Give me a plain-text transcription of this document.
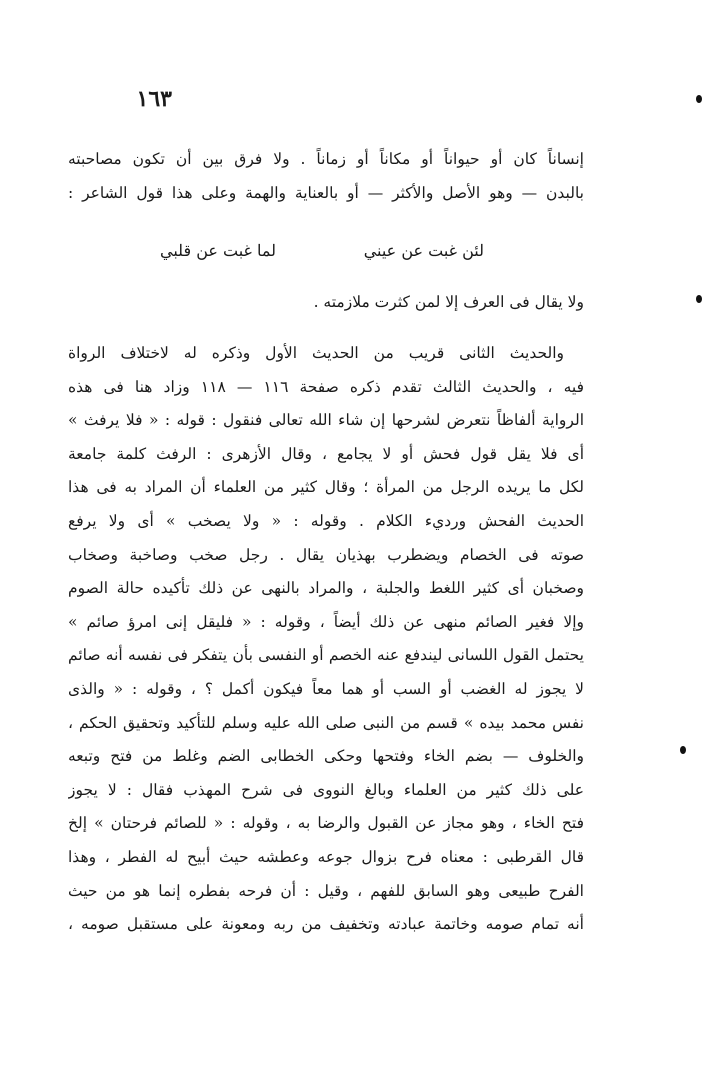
١٦٣
إنساناً كان أو حيواناً أو مكاناً أو زماناً . ولا فرق بين أن تكون مصاحبته
بالبدن — وهو الأصل والأكثر — أو بالعناية والهمة وعلى هذا قول الشاعر :
لئن غبت عن عيني
لما غبت عن قلبي
ولا يقال فى العرف إلا لمن كثرت ملازمته .
والحديث الثانى قريب من الحديث الأول وذكره له لاختلاف الرواة
فيه ، والحديث الثالث تقدم ذكره صفحة ١١٦ — ١١٨ وزاد هنا فى هذه
الرواية ألفاظاً نتعرض لشرحها إن شاء الله تعالى فنقول : قوله : « فلا يرفث »
أى فلا يقل قول فحش أو لا يجامع ، وقال الأزهرى : الرفث كلمة جامعة
لكل ما يريده الرجل من المرأة ؛ وقال كثير من العلماء أن المراد به فى هذا
الحديث الفحش ورديء الكلام . وقوله : « ولا يصخب » أى ولا يرفع
صوته فى الخصام ويضطرب بهذيان يقال . رجل صخب وصاخبة وصخاب
وصخبان أى كثير اللغط والجلبة ، والمراد بالنهى عن ذلك تأكيده حالة الصوم
وإلا فغير الصائم منهى عن ذلك أيضاً ، وقوله : « فليقل إنى امرؤ صائم »
يحتمل القول اللسانى ليندفع عنه الخصم أو النفسى بأن يتفكر فى نفسه أنه صائم
لا يجوز له الغضب أو السب أو هما معاً فيكون أكمل ؟ ، وقوله : « والذى
نفس محمد بيده » قسم من النبى صلى الله عليه وسلم للتأكيد وتحقيق الحكم ،
والخلوف — بضم الخاء وفتحها وحكى الخطابى الضم وغلط من فتح وتبعه
على ذلك كثير من العلماء وبالغ النووى فى شرح المهذب فقال : لا يجوز
فتح الخاء ، وهو مجاز عن القبول والرضا به ، وقوله : « للصائم فرحتان » إلخ
قال القرطبى : معناه فرح بزوال جوعه وعطشه حيث أبيح له الفطر ، وهذا
الفرح طبيعى وهو السابق للفهم ، وقيل : أن فرحه بفطره إنما هو من حيث
أنه تمام صومه وخاتمة عبادته وتخفيف من ربه ومعونة على مستقبل صومه ،
